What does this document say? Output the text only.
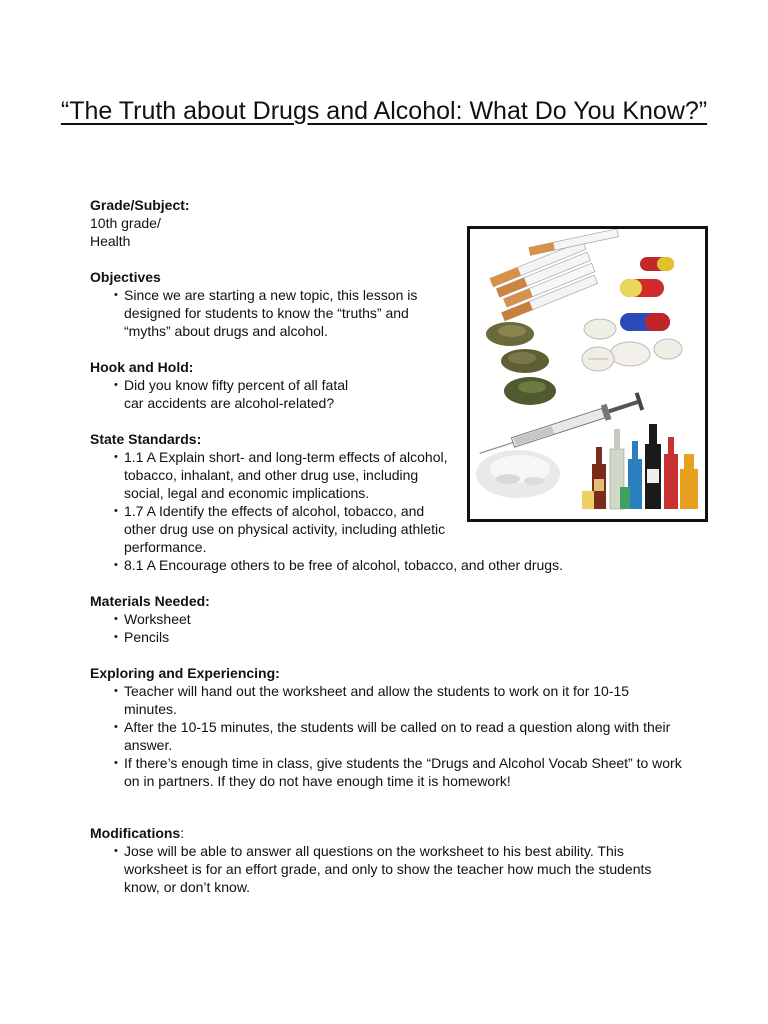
“The Truth about Drugs and Alcohol: What Do You Know?”

Grade/Subject:

10th grade/

Health

Objectives

• Since we are starting a new topic, this lesson is designed for students to know the “truths” and “myths” about drugs and alcohol.

Hook and Hold:

• Did you know fifty percent of all fatal car accidents are alcohol-related?

State Standards:

• 1.1 A Explain short- and long-term effects of alcohol, tobacco, inhalant, and other drug use, including social, legal and economic implications.
• 1.7 A Identify the effects of alcohol, tobacco, and other drug use on physical activity, including athletic performance.
• 8.1 A Encourage others to be free of alcohol, tobacco, and other drugs.

Materials Needed:

• Worksheet
• Pencils

Exploring and Experiencing:

• Teacher will hand out the worksheet and allow the students to work on it for 10-15 minutes.
• After the 10-15 minutes, the students will be called on to read a question along with their answer.
• If there’s enough time in class, give students the “Drugs and Alcohol Vocab Sheet” to work on in partners. If they do not have enough time it is homework!

Modifications:

• Jose will be able to answer all questions on the worksheet to his best ability. This worksheet is for an effort grade, and only to show the teacher how much the students know, or don’t know.
